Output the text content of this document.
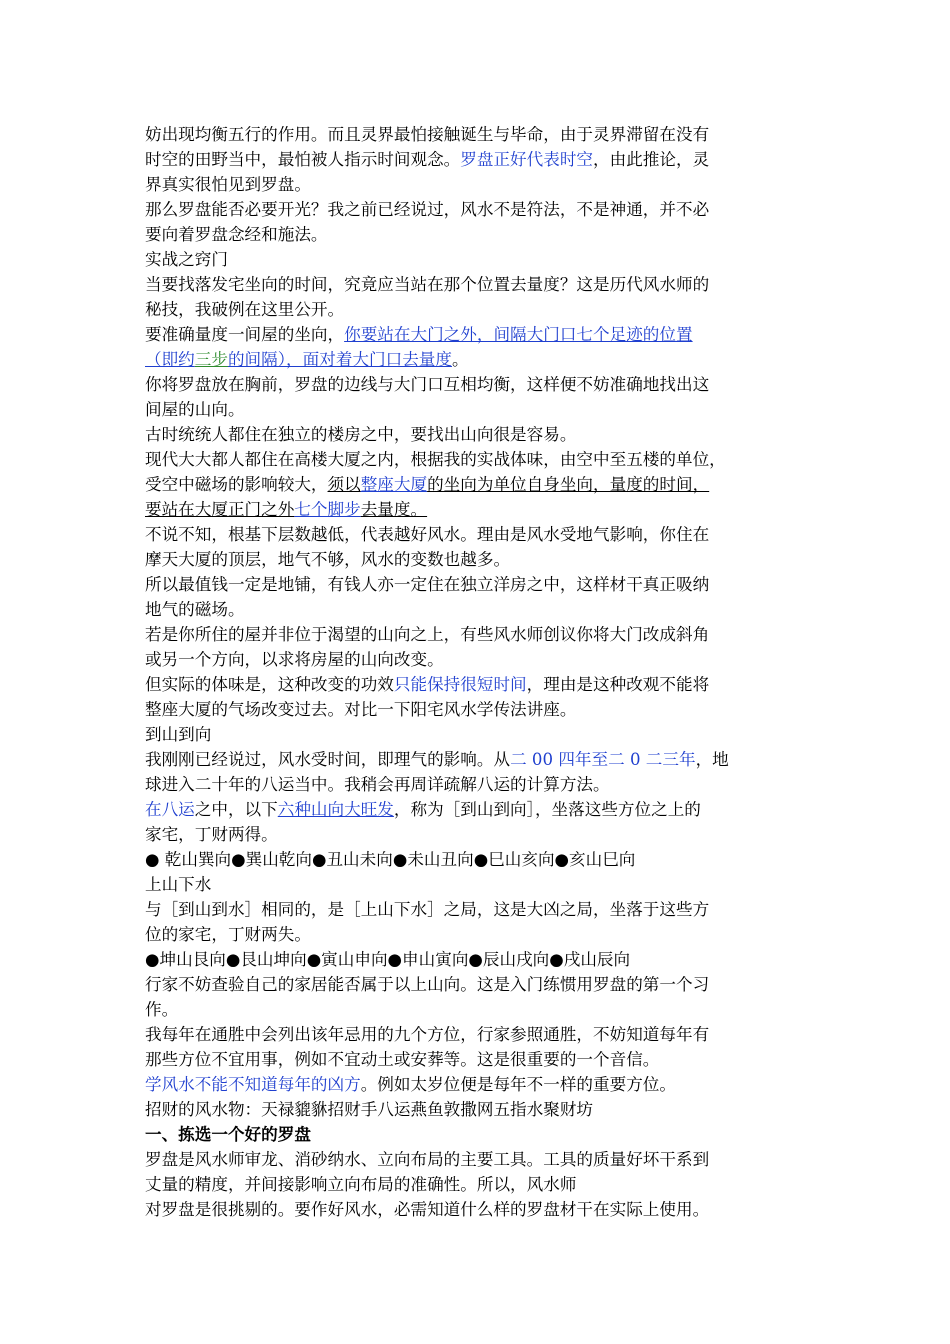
妨出现均衡五行的作用。而且灵界最怕接触诞生与毕命，由于灵界滞留在没有
时空的田野当中，最怕被人指示时间观念。罗盘正好代表时空，由此推论，灵
界真实很怕见到罗盘。
那么罗盘能否必要开光？我之前已经说过，风水不是符法，不是神通，并不必
要向着罗盘念经和施法。
实战之窍门
当要找落发宅坐向的时间，究竟应当站在那个位置去量度？这是历代风水师的
秘技，我破例在这里公开。
要准确量度一间屋的坐向，你要站在大门之外，间隔大门口七个足迹的位置
（即约三步的间隔），面对着大门口去量度。
你将罗盘放在胸前，罗盘的边线与大门口互相均衡，这样便不妨准确地找出这
间屋的山向。
古时统统人都住在独立的楼房之中，要找出山向很是容易。
现代大大都人都住在高楼大厦之内，根据我的实战体味，由空中至五楼的单位，
受空中磁场的影响较大，须以整座大厦的坐向为单位自身坐向，量度的时间，
要站在大厦正门之外七个脚步去量度。
不说不知，根基下层数越低，代表越好风水。理由是风水受地气影响，你住在
摩天大厦的顶层，地气不够，风水的变数也越多。
所以最值钱一定是地铺，有钱人亦一定住在独立洋房之中，这样材干真正吸纳
地气的磁场。
若是你所住的屋并非位于渴望的山向之上，有些风水师创议你将大门改成斜角
或另一个方向，以求将房屋的山向改变。
但实际的体味是，这种改变的功效只能保持很短时间，理由是这种改观不能将
整座大厦的气场改变过去。对比一下阳宅风水学传法讲座。
到山到向
我刚刚已经说过，风水受时间，即理气的影响。从二 00 四年至二 0 二三年，地
球进入二十年的八运当中。我稍会再周详疏解八运的计算方法。
在八运之中，以下六种山向大旺发，称为［到山到向］，坐落这些方位之上的
家宅，丁财两得。
● 乾山巽向●巽山乾向●丑山未向●未山丑向●巳山亥向●亥山巳向
上山下水
与［到山到水］相同的，是［上山下水］之局，这是大凶之局，坐落于这些方
位的家宅，丁财两失。
●坤山艮向●艮山坤向●寅山申向●申山寅向●辰山戌向●戌山辰向
行家不妨查验自己的家居能否属于以上山向。这是入门练惯用罗盘的第一个习
作。
我每年在通胜中会列出该年忌用的九个方位，行家参照通胜，不妨知道每年有
那些方位不宜用事，例如不宜动土或安葬等。这是很重要的一个音信。
学风水不能不知道每年的凶方。例如太岁位便是每年不一样的重要方位。
招财的风水物：天禄貔貅招财手八运燕鱼敦撒网五指水聚财坊
一、拣选一个好的罗盘
罗盘是风水师审龙、消砂纳水、立向布局的主要工具。工具的质量好坏干系到
丈量的精度，并间接影响立向布局的准确性。所以，风水师
对罗盘是很挑剔的。要作好风水，必需知道什么样的罗盘材干在实际上使用。
